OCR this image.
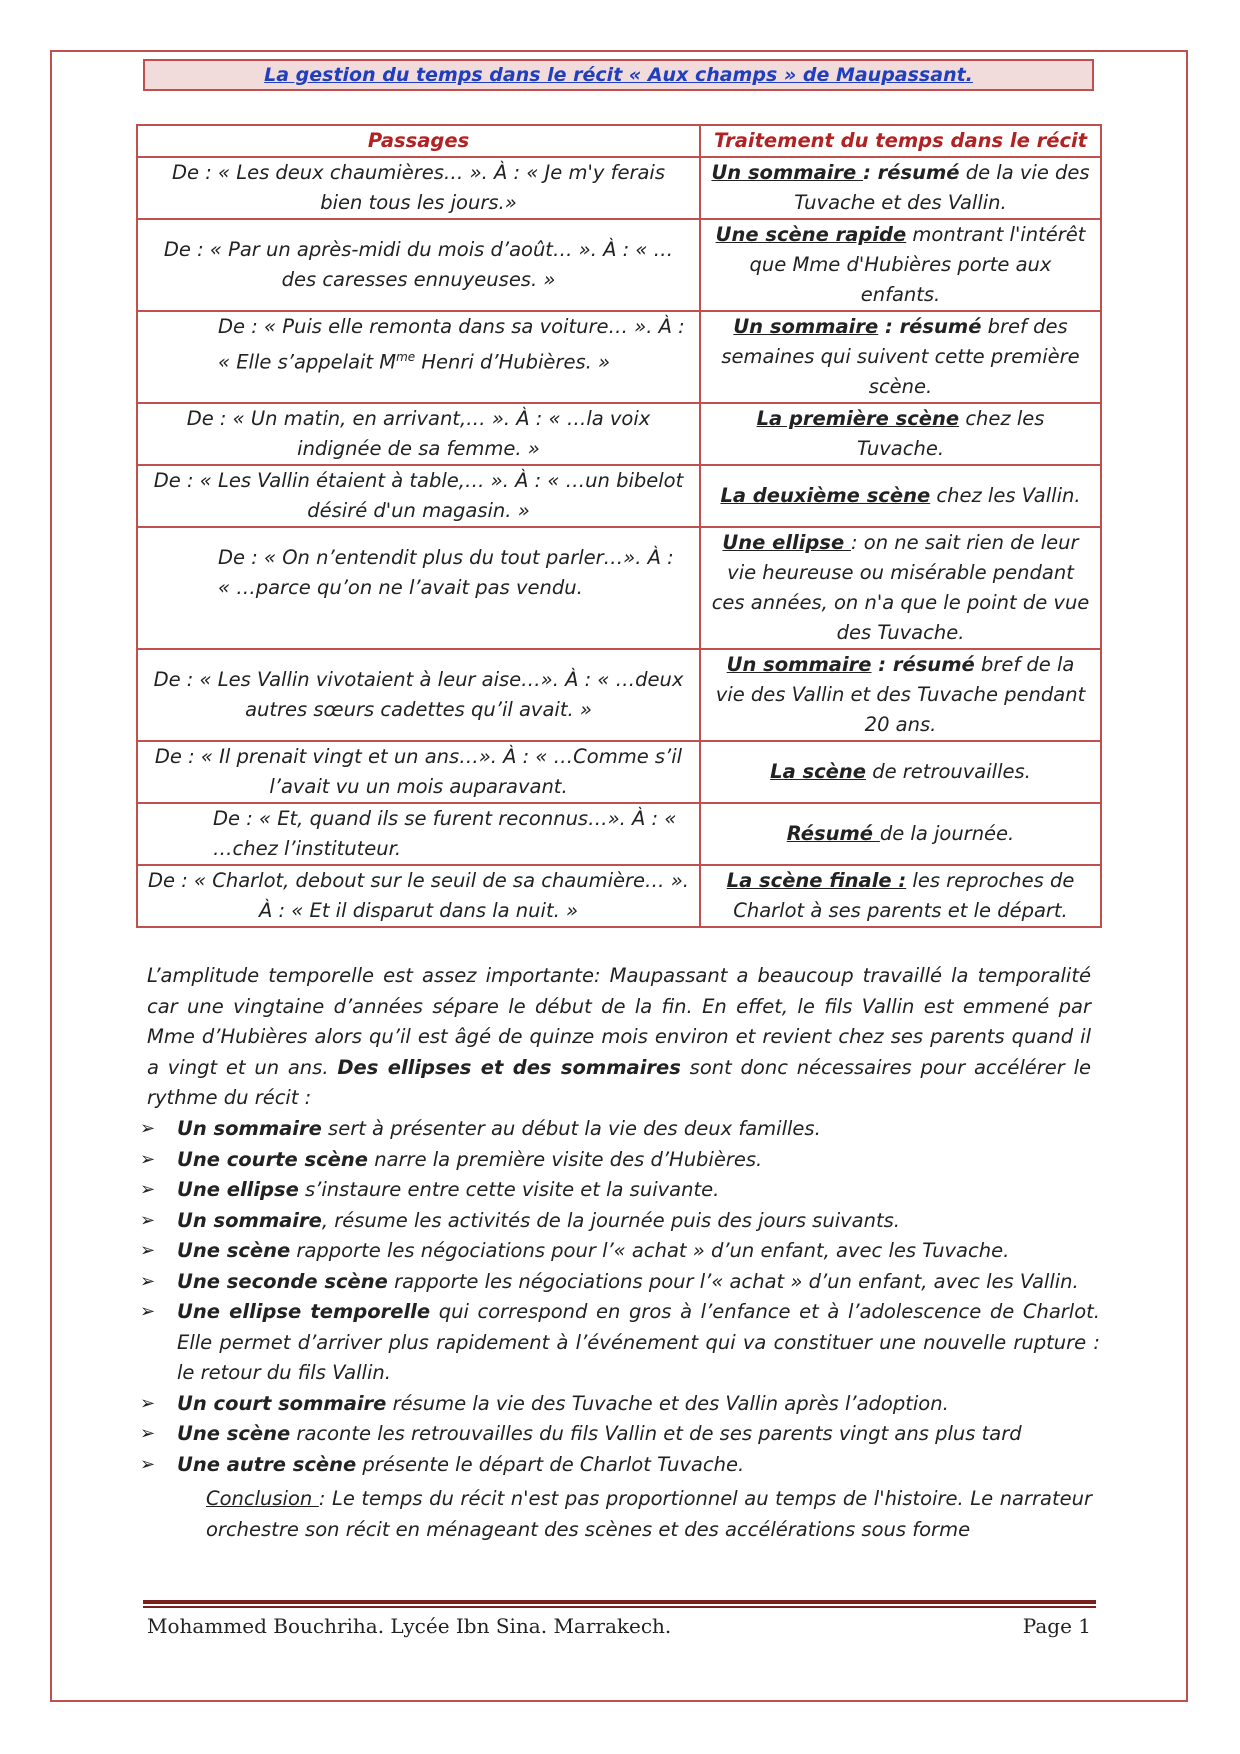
La gestion du temps dans le récit « Aux champs » de Maupassant.
Passages	Traitement du temps dans le récit
De : « Les deux chaumières… ». À : « Je m'y ferais bien tous les jours.»	Un sommaire : résumé de la vie des Tuvache et des Vallin.
De : « Par un après-midi du mois d’août… ». À : « …des caresses ennuyeuses. »	Une scène rapide montrant l'intérêt que Mme d'Hubières porte aux enfants.
De : « Puis elle remonta dans sa voiture… ». À : « Elle s’appelait $M^{me}$ Henri d’Hubières. »	Un sommaire : résumé bref des semaines qui suivent cette première scène.
De : « Un matin, en arrivant,… ». À : « …la voix indignée de sa femme. »	La première scène chez les Tuvache.
De : « Les Vallin étaient à table,… ». À : « …un bibelot désiré d'un magasin. »	La deuxième scène chez les Vallin.
De : « On n’entendit plus du tout parler…». À : « …parce qu’on ne l’avait pas vendu.	Une ellipse : on ne sait rien de leur vie heureuse ou misérable pendant ces années, on n'a que le point de vue des Tuvache.
De : « Les Vallin vivotaient à leur aise…». À : « …deux autres sœurs cadettes qu’il avait. »	Un sommaire : résumé bref de la vie des Vallin et des Tuvache pendant 20 ans.
De : « Il prenait vingt et un ans…». À : « …Comme s’il l’avait vu un mois auparavant.	La scène de retrouvailles.
De : « Et, quand ils se furent reconnus…». À : « …chez l’instituteur.	Résumé de la journée.
De : « Charlot, debout sur le seuil de sa chaumière… ». À : « Et il disparut dans la nuit. »	La scène finale : les reproches de Charlot à ses parents et le départ.
L’amplitude temporelle est assez importante: Maupassant a beaucoup travaillé la temporalité car une vingtaine d’années sépare le début de la fin. En effet, le fils Vallin est emmené par Mme d’Hubières alors qu’il est âgé de quinze mois environ et revient chez ses parents quand il a vingt et un ans. Des ellipses et des sommaires sont donc nécessaires pour accélérer le rythme du récit :
➢ Un sommaire sert à présenter au début la vie des deux familles.
➢ Une courte scène narre la première visite des d’Hubières.
➢ Une ellipse s’instaure entre cette visite et la suivante.
➢ Un sommaire, résume les activités de la journée puis des jours suivants.
➢ Une scène rapporte les négociations pour l’« achat » d’un enfant, avec les Tuvache.
➢ Une seconde scène rapporte les négociations pour l’« achat » d’un enfant, avec les Vallin.
➢ Une ellipse temporelle qui correspond en gros à l’enfance et à l’adolescence de Charlot. Elle permet d’arriver plus rapidement à l’événement qui va constituer une nouvelle rupture : le retour du fils Vallin.
➢ Un court sommaire résume la vie des Tuvache et des Vallin après l’adoption.
➢ Une scène raconte les retrouvailles du fils Vallin et de ses parents vingt ans plus tard
➢ Une autre scène présente le départ de Charlot Tuvache.
Conclusion : Le temps du récit n'est pas proportionnel au temps de l'histoire. Le narrateur orchestre son récit en ménageant des scènes et des accélérations sous forme
Mohammed Bouchriha. Lycée Ibn Sina. Marrakech.	Page 1
